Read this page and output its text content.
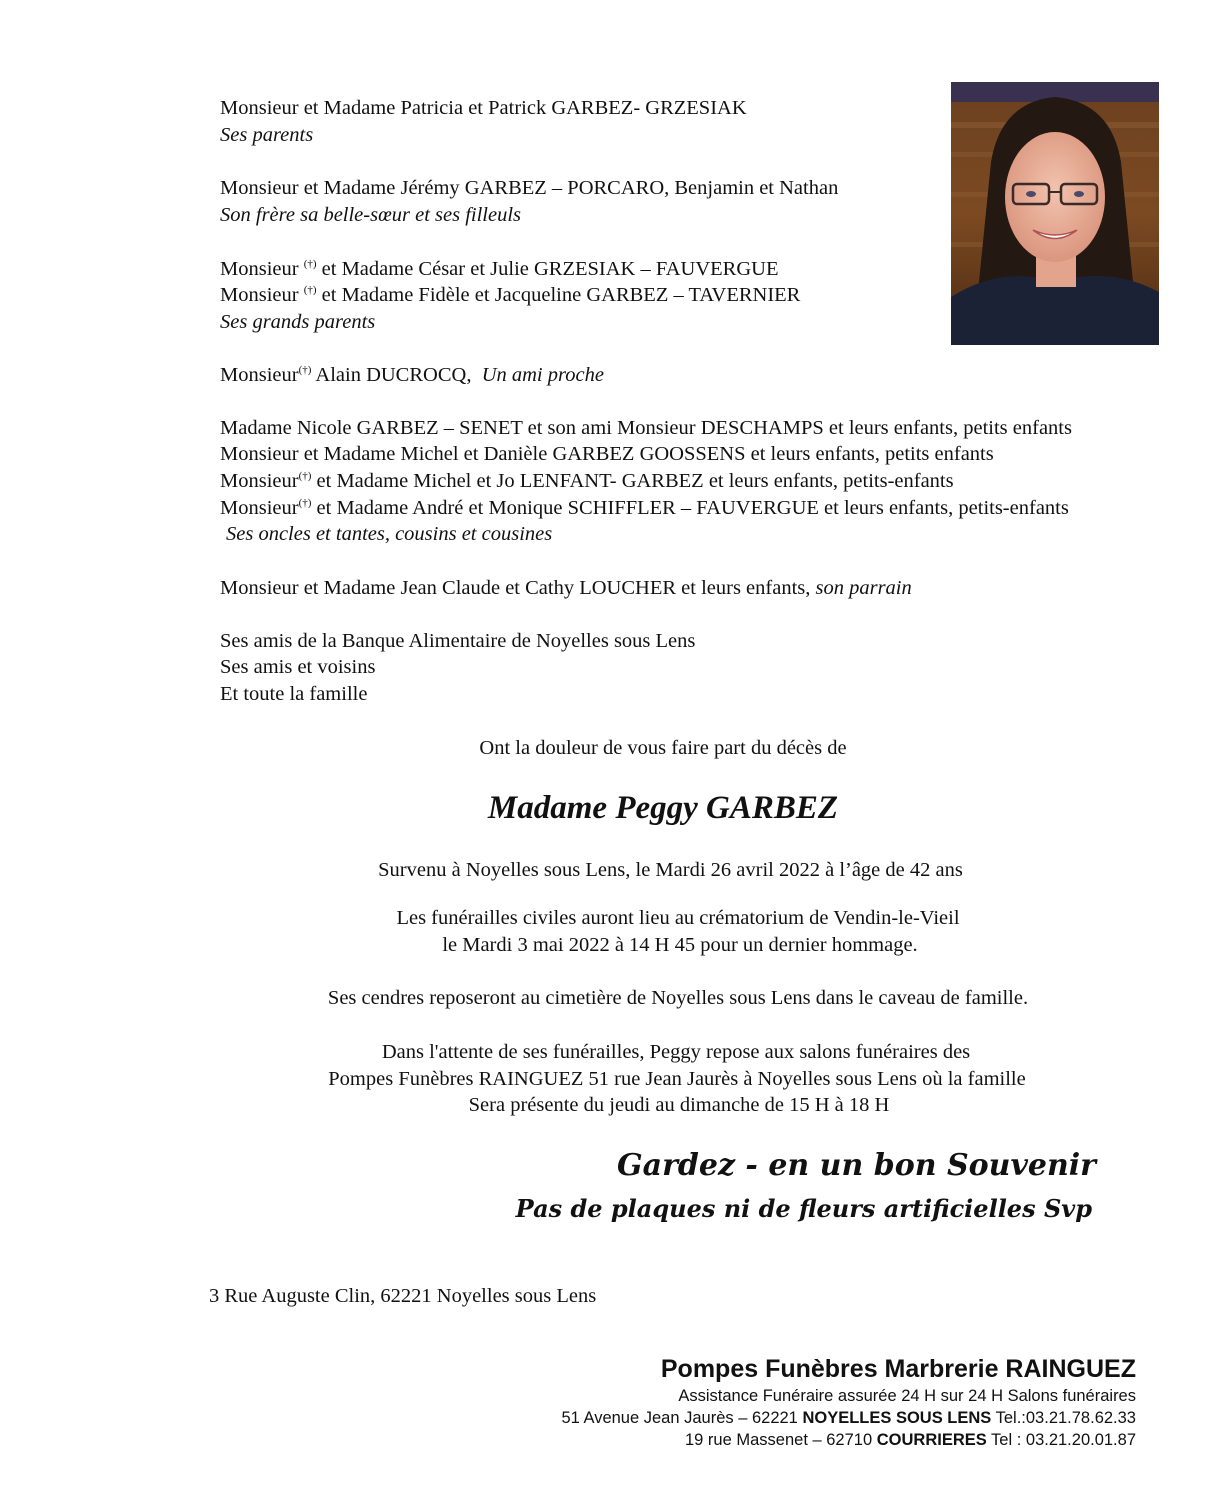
Monsieur et Madame Patricia et Patrick GARBEZ- GRZESIAK
Ses parents
Monsieur et Madame Jérémy GARBEZ – PORCARO, Benjamin et Nathan
Son frère sa belle-sœur et ses filleuls
Monsieur (†) et Madame César et Julie GRZESIAK – FAUVERGUE
Monsieur (†) et Madame Fidèle et Jacqueline GARBEZ – TAVERNIER
Ses grands parents
Monsieur(†) Alain DUCROCQ, Un ami proche
Madame Nicole GARBEZ – SENET et son ami Monsieur DESCHAMPS et leurs enfants, petits enfants
Monsieur et Madame Michel et Danièle GARBEZ GOOSSENS et leurs enfants, petits enfants
Monsieur(†) et Madame Michel et Jo LENFANT- GARBEZ et leurs enfants, petits-enfants
Monsieur(†) et Madame André et Monique SCHIFFLER – FAUVERGUE et leurs enfants, petits-enfants
Ses oncles et tantes, cousins et cousines
Monsieur et Madame Jean Claude et Cathy LOUCHER et leurs enfants, son parrain
Ses amis de la Banque Alimentaire de Noyelles sous Lens
Ses amis et voisins
Et toute la famille
Ont la douleur de vous faire part du décès de
Madame Peggy GARBEZ
Survenu à Noyelles sous Lens, le Mardi 26 avril 2022 à l’âge de 42 ans
Les funérailles civiles auront lieu au crématorium de Vendin-le-Vieil
le Mardi 3 mai 2022 à 14 H 45 pour un dernier hommage.
Ses cendres reposeront au cimetière de Noyelles sous Lens dans le caveau de famille.
Dans l'attente de ses funérailles, Peggy repose aux salons funéraires des
Pompes Funèbres RAINGUEZ 51 rue Jean Jaurès à Noyelles sous Lens où la famille
Sera présente du jeudi au dimanche de 15 H à 18 H
Gardez - en un bon Souvenir
Pas de plaques ni de fleurs artificielles Svp
3 Rue Auguste Clin, 62221 Noyelles sous Lens
Pompes Funèbres Marbrerie RAINGUEZ
Assistance Funéraire assurée 24 H sur 24 H Salons funéraires
51 Avenue Jean Jaurès – 62221 NOYELLES SOUS LENS Tel.:03.21.78.62.33
19 rue Massenet – 62710 COURRIERES Tel : 03.21.20.01.87
